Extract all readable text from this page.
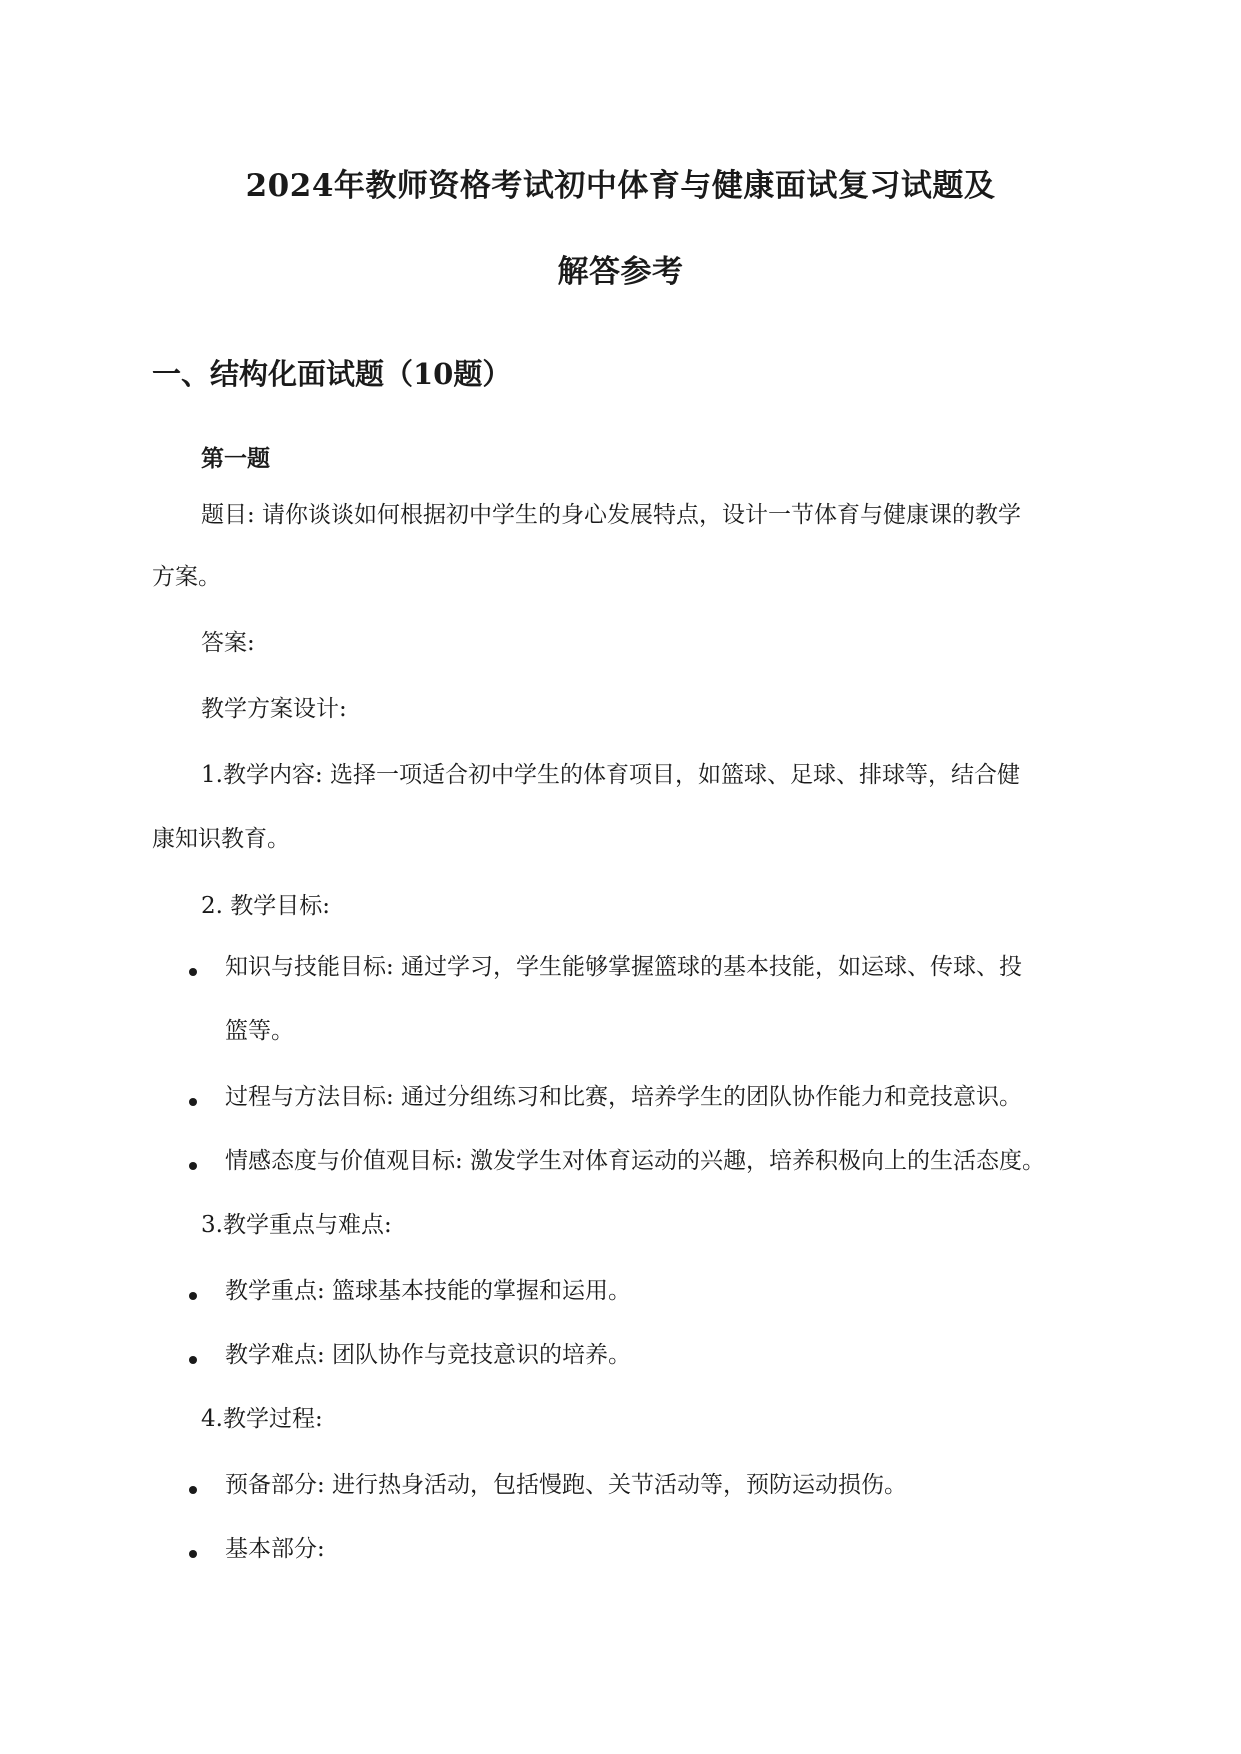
2024年教师资格考试初中体育与健康面试复习试题及
解答参考
一、结构化面试题（10题）
第一题
题目: 请你谈谈如何根据初中学生的身心发展特点，设计一节体育与健康课的教学
方案。
答案:
教学方案设计:
1.教学内容: 选择一项适合初中学生的体育项目，如篮球、足球、排球等，结合健
康知识教育。
2. 教学目标:
知识与技能目标: 通过学习，学生能够掌握篮球的基本技能，如运球、传球、投
篮等。
过程与方法目标: 通过分组练习和比赛，培养学生的团队协作能力和竞技意识。
情感态度与价值观目标: 激发学生对体育运动的兴趣，培养积极向上的生活态度。
3.教学重点与难点:
教学重点: 篮球基本技能的掌握和运用。
教学难点: 团队协作与竞技意识的培养。
4.教学过程:
预备部分: 进行热身活动，包括慢跑、关节活动等，预防运动损伤。
基本部分:
